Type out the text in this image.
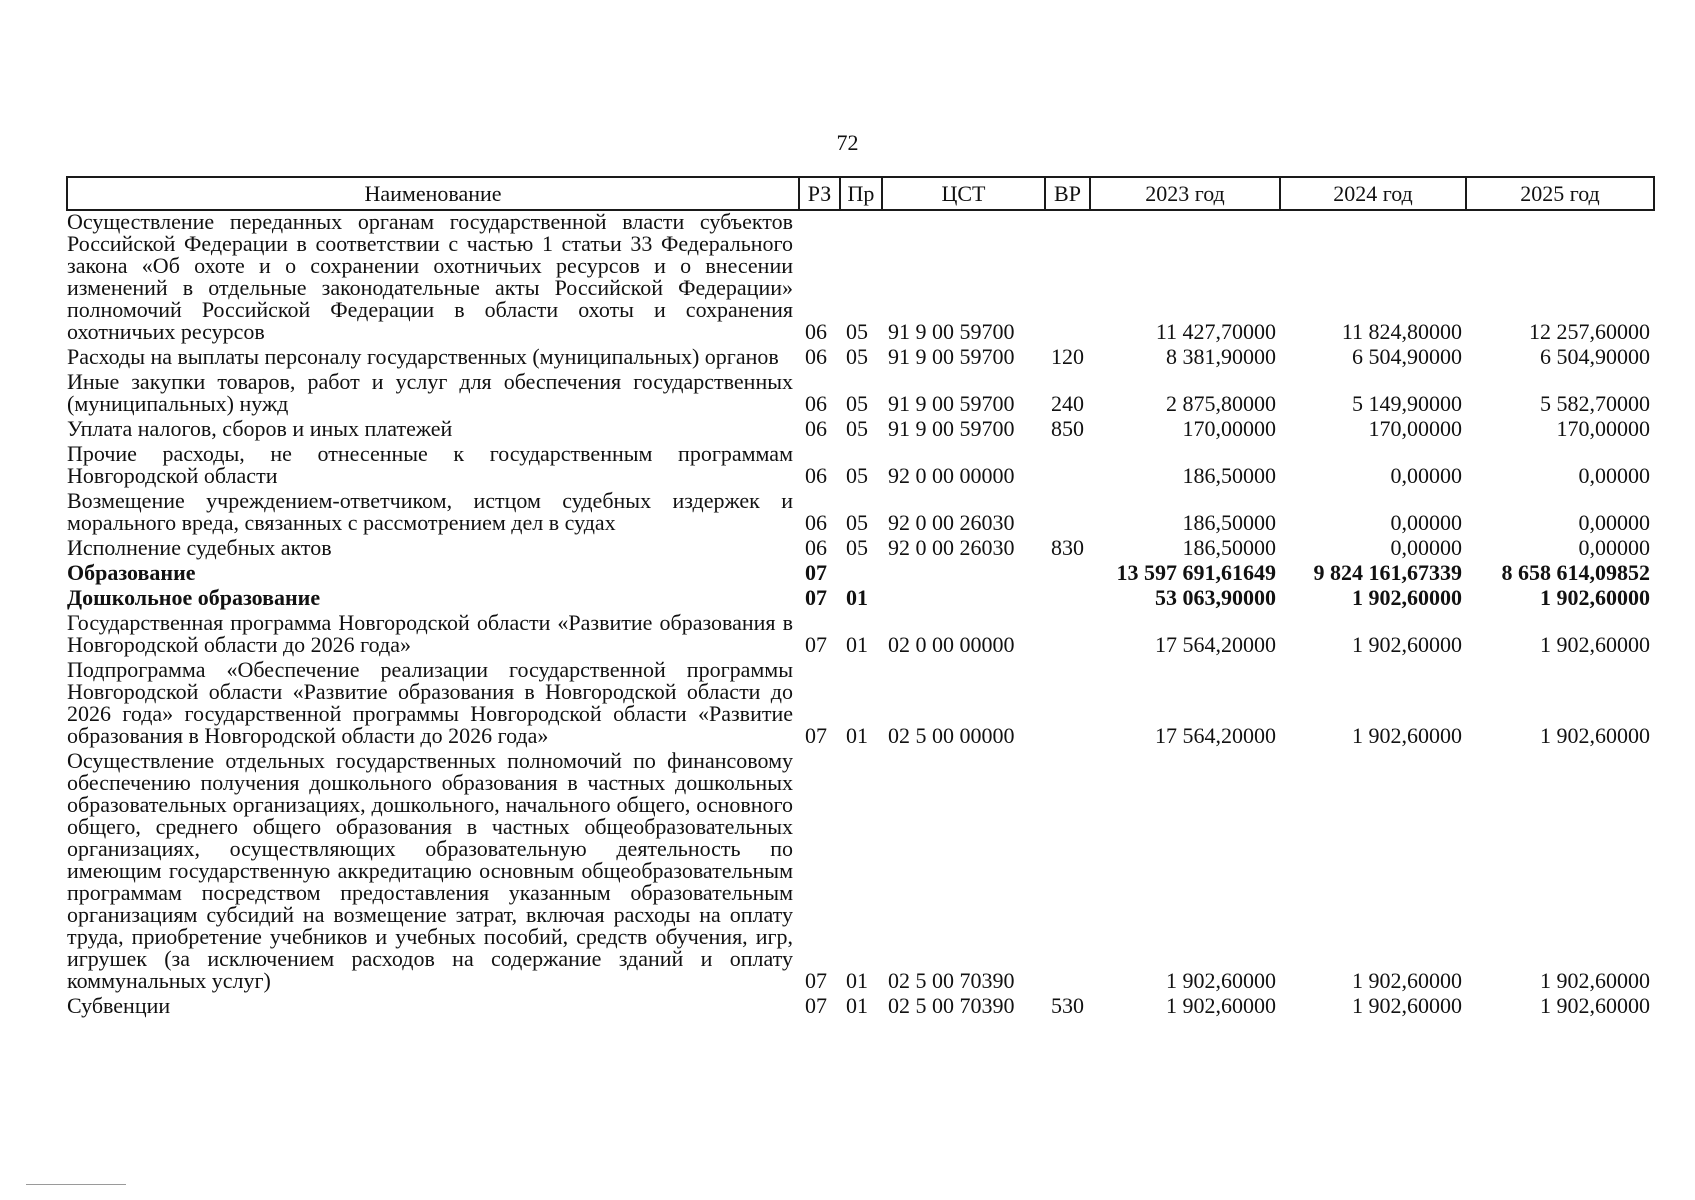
72
Наименование	РЗ	Пр	ЦСТ	ВР	2023 год	2024 год	2025 год
Осуществление переданных органам государственной власти субъектов Российской Федерации в соответствии с частью 1 статьи 33 Федерального закона «Об охоте и о сохранении охотничьих ресурсов и о внесении изменений в отдельные законодательные акты Российской Федерации» полномочий Российской Федерации в области охоты и сохранения охотничьих ресурсов	06	05	91 9 00 59700		11 427,70000	11 824,80000	12 257,60000
Расходы на выплаты персоналу государственных (муниципальных) органов	06	05	91 9 00 59700	120	8 381,90000	6 504,90000	6 504,90000
Иные закупки товаров, работ и услуг для обеспечения государственных (муниципальных) нужд	06	05	91 9 00 59700	240	2 875,80000	5 149,90000	5 582,70000
Уплата налогов, сборов и иных платежей	06	05	91 9 00 59700	850	170,00000	170,00000	170,00000
Прочие расходы, не отнесенные к государственным программам Новгородской области	06	05	92 0 00 00000		186,50000	0,00000	0,00000
Возмещение учреждением-ответчиком, истцом судебных издержек и морального вреда, связанных с рассмотрением дел в судах	06	05	92 0 00 26030		186,50000	0,00000	0,00000
Исполнение судебных актов	06	05	92 0 00 26030	830	186,50000	0,00000	0,00000
Образование	07				13 597 691,61649	9 824 161,67339	8 658 614,09852
Дошкольное образование	07	01			53 063,90000	1 902,60000	1 902,60000
Государственная программа Новгородской области «Развитие образования в Новгородской области до 2026 года»	07	01	02 0 00 00000		17 564,20000	1 902,60000	1 902,60000
Подпрограмма «Обеспечение реализации государственной программы Новгородской области «Развитие образования в Новгородской области до 2026 года» государственной программы Новгородской области «Развитие образования в Новгородской области до 2026 года»	07	01	02 5 00 00000		17 564,20000	1 902,60000	1 902,60000
Осуществление отдельных государственных полномочий по финансовому обеспечению получения дошкольного образования в частных дошкольных образовательных организациях, дошкольного, начального общего, основного общего, среднего общего образования в частных общеобразовательных организациях, осуществляющих образовательную деятельность по имеющим государственную аккредитацию основным общеобразовательным программам посредством предоставления указанным образовательным организациям субсидий на возмещение затрат, включая расходы на оплату труда, приобретение учебников и учебных пособий, средств обучения, игр, игрушек (за исключением расходов на содержание зданий и оплату коммунальных услуг)	07	01	02 5 00 70390		1 902,60000	1 902,60000	1 902,60000
Субвенции	07	01	02 5 00 70390	530	1 902,60000	1 902,60000	1 902,60000
